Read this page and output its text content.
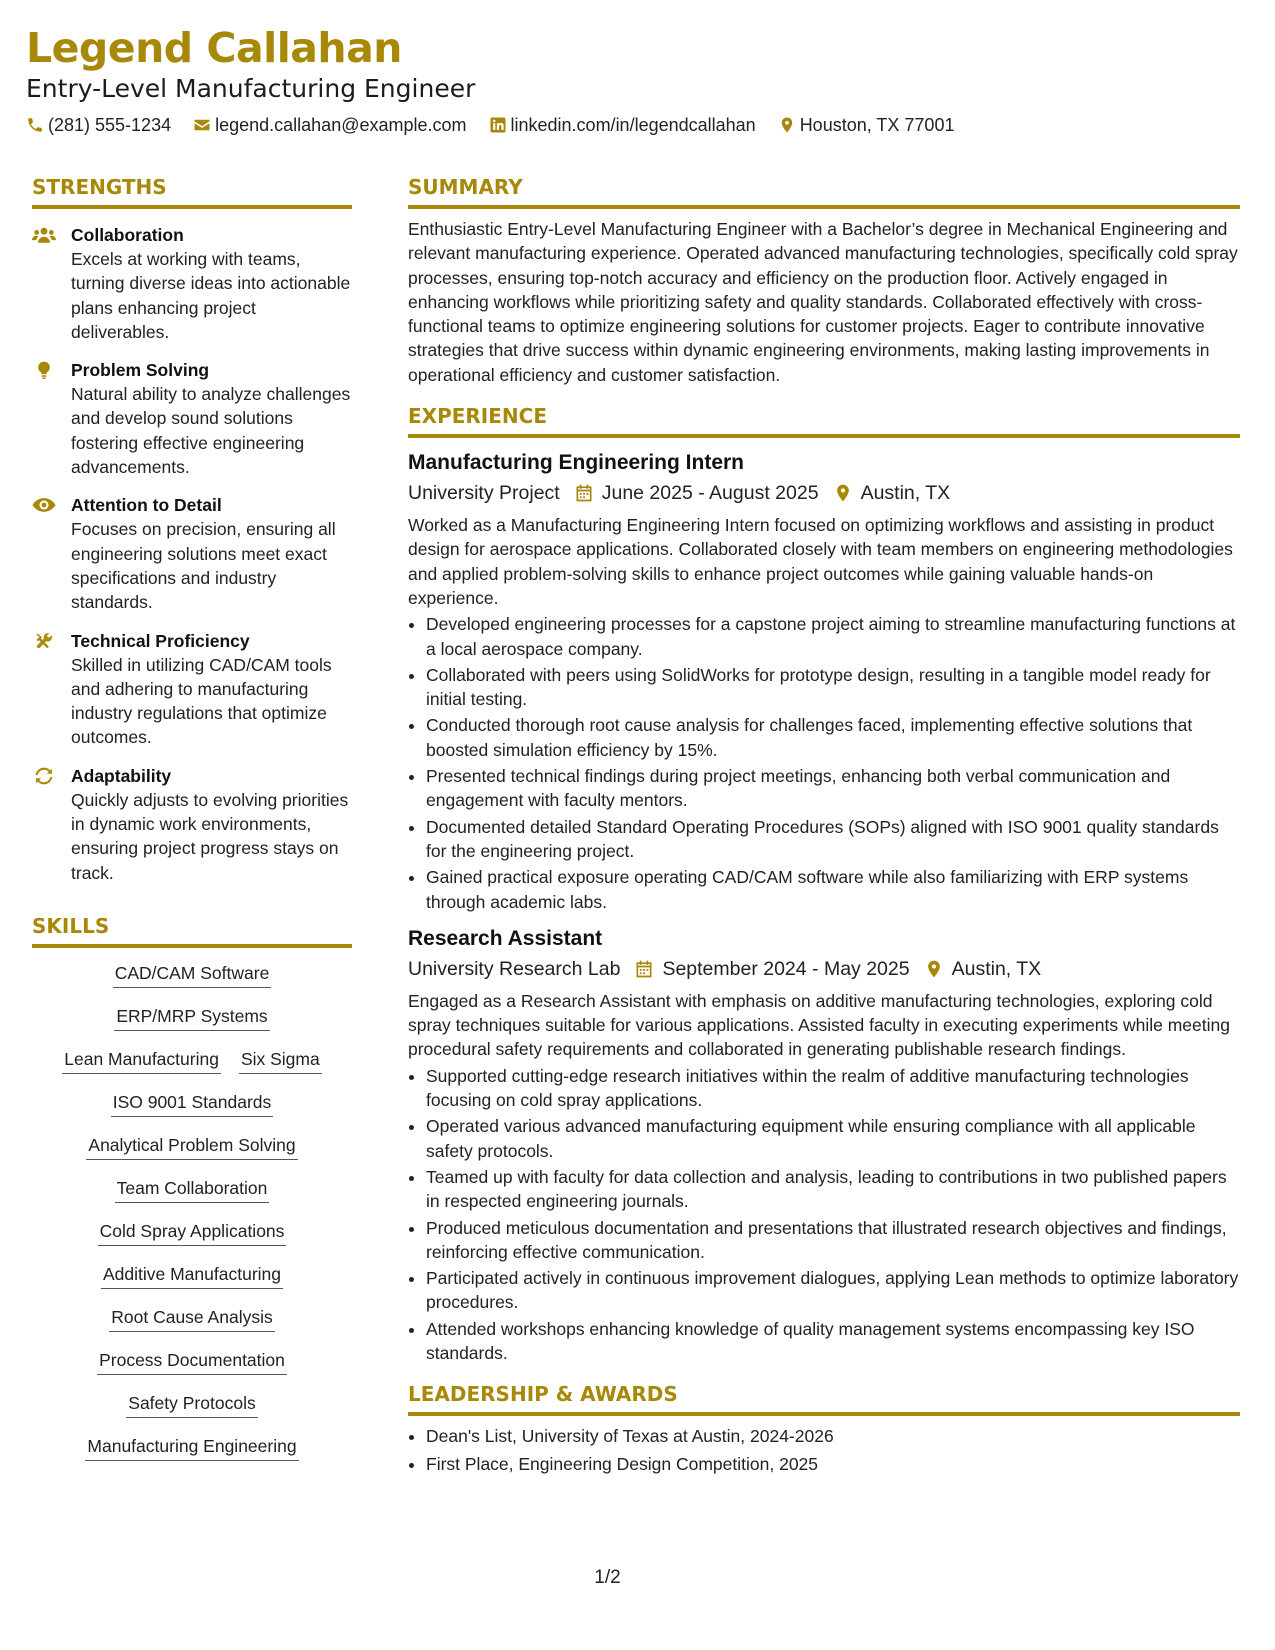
Legend Callahan
Entry-Level Manufacturing Engineer
(281) 555-1234 legend.callahan@example.com linkedin.com/in/legendcallahan Houston, TX 77001
STRENGTHS
Collaboration
Excels at working with teams, turning diverse ideas into actionable plans enhancing project deliverables.
Problem Solving
Natural ability to analyze challenges and develop sound solutions fostering effective engineering advancements.
Attention to Detail
Focuses on precision, ensuring all engineering solutions meet exact specifications and industry standards.
Technical Proficiency
Skilled in utilizing CAD/CAM tools and adhering to manufacturing industry regulations that optimize outcomes.
Adaptability
Quickly adjusts to evolving priorities in dynamic work environments, ensuring project progress stays on track.
SKILLS
CAD/CAM Software
ERP/MRP Systems
Lean Manufacturing Six Sigma
ISO 9001 Standards
Analytical Problem Solving
Team Collaboration
Cold Spray Applications
Additive Manufacturing
Root Cause Analysis
Process Documentation
Safety Protocols
Manufacturing Engineering
SUMMARY
Enthusiastic Entry-Level Manufacturing Engineer with a Bachelor’s degree in Mechanical Engineering and relevant manufacturing experience. Operated advanced manufacturing technologies, specifically cold spray processes, ensuring top-notch accuracy and efficiency on the production floor. Actively engaged in enhancing workflows while prioritizing safety and quality standards. Collaborated effectively with cross-functional teams to optimize engineering solutions for customer projects. Eager to contribute innovative strategies that drive success within dynamic engineering environments, making lasting improvements in operational efficiency and customer satisfaction.
EXPERIENCE
Manufacturing Engineering Intern
University Project June 2025 - August 2025 Austin, TX
Worked as a Manufacturing Engineering Intern focused on optimizing workflows and assisting in product design for aerospace applications. Collaborated closely with team members on engineering methodologies and applied problem-solving skills to enhance project outcomes while gaining valuable hands-on experience.
• Developed engineering processes for a capstone project aiming to streamline manufacturing functions at a local aerospace company.
• Collaborated with peers using SolidWorks for prototype design, resulting in a tangible model ready for initial testing.
• Conducted thorough root cause analysis for challenges faced, implementing effective solutions that boosted simulation efficiency by 15%.
• Presented technical findings during project meetings, enhancing both verbal communication and engagement with faculty mentors.
• Documented detailed Standard Operating Procedures (SOPs) aligned with ISO 9001 quality standards for the engineering project.
• Gained practical exposure operating CAD/CAM software while also familiarizing with ERP systems through academic labs.
Research Assistant
University Research Lab September 2024 - May 2025 Austin, TX
Engaged as a Research Assistant with emphasis on additive manufacturing technologies, exploring cold spray techniques suitable for various applications. Assisted faculty in executing experiments while meeting procedural safety requirements and collaborated in generating publishable research findings.
• Supported cutting-edge research initiatives within the realm of additive manufacturing technologies focusing on cold spray applications.
• Operated various advanced manufacturing equipment while ensuring compliance with all applicable safety protocols.
• Teamed up with faculty for data collection and analysis, leading to contributions in two published papers in respected engineering journals.
• Produced meticulous documentation and presentations that illustrated research objectives and findings, reinforcing effective communication.
• Participated actively in continuous improvement dialogues, applying Lean methods to optimize laboratory procedures.
• Attended workshops enhancing knowledge of quality management systems encompassing key ISO standards.
LEADERSHIP & AWARDS
• Dean's List, University of Texas at Austin, 2024-2026
• First Place, Engineering Design Competition, 2025
1/2
